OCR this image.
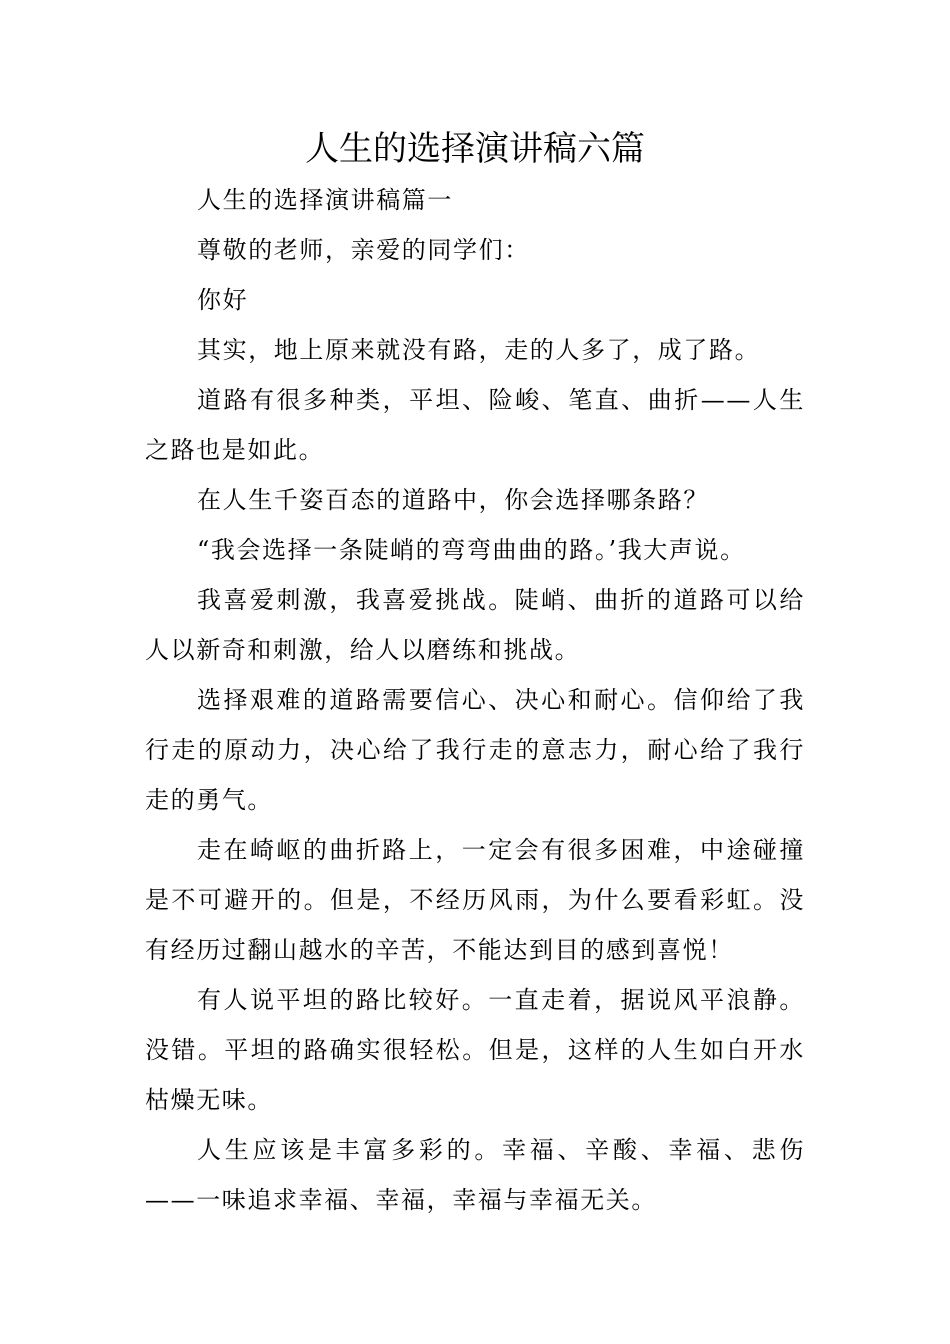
人生的选择演讲稿六篇

人生的选择演讲稿篇一

尊敬的老师，亲爱的同学们：

你好

其实，地上原来就没有路，走的人多了，成了路。

道路有很多种类，平坦、险峻、笔直、曲折——人生之路也是如此。

在人生千姿百态的道路中，你会选择哪条路？

“我会选择一条陡峭的弯弯曲曲的路。’我大声说。

我喜爱刺激，我喜爱挑战。陡峭、曲折的道路可以给人以新奇和刺激，给人以磨练和挑战。

选择艰难的道路需要信心、决心和耐心。信仰给了我行走的原动力，决心给了我行走的意志力，耐心给了我行走的勇气。

走在崎岖的曲折路上，一定会有很多困难，中途碰撞是不可避开的。但是，不经历风雨，为什么要看彩虹。没有经历过翻山越水的辛苦，不能达到目的感到喜悦！

有人说平坦的路比较好。一直走着，据说风平浪静。没错。平坦的路确实很轻松。但是，这样的人生如白开水枯燥无味。

人生应该是丰富多彩的。幸福、辛酸、幸福、悲伤——一味追求幸福、幸福，幸福与幸福无关。
